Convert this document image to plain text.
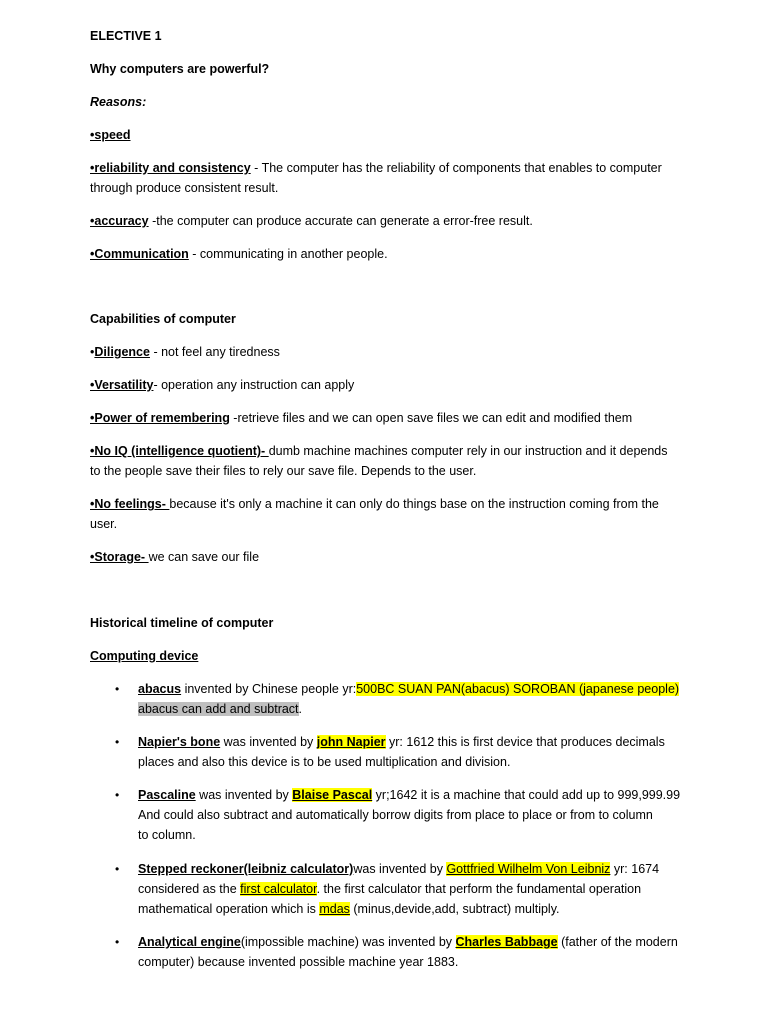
ELECTIVE 1

Why computers are powerful?

Reasons:

•speed

•reliability and consistency - The computer has the reliability of components that enables to computer
through produce consistent result.

•accuracy -the computer can produce accurate can generate a error-free result.

•Communication - communicating in another people.

Capabilities of computer

•Diligence - not feel any tiredness

•Versatility- operation any instruction can apply

•Power of remembering -retrieve files and we can open save files we can edit and modified them

•No IQ (intelligence quotient)- dumb machine machines computer rely in our instruction and it depends
to the people save their files to rely our save file. Depends to the user.

•No feelings- because it's only a machine it can only do things base on the instruction coming from the
user.

•Storage- we can save our file

Historical timeline of computer

Computing device

• abacus invented by Chinese people yr:500BC SUAN PAN(abacus) SOROBAN (japanese people)
abacus can add and subtract.

• Napier's bone was invented by john Napier yr: 1612 this is first device that produces decimals
places and also this device is to be used multiplication and division.

• Pascaline was invented by Blaise Pascal yr;1642 it is a machine that could add up to 999,999.99
And could also subtract and automatically borrow digits from place to place or from to column
to column.

• Stepped reckoner(leibniz calculator)was invented by Gottfried Wilhelm Von Leibniz yr: 1674
considered as the first calculator. the first calculator that perform the fundamental operation
mathematical operation which is mdas (minus,devide,add, subtract) multiply.

• Analytical engine(impossible machine) was invented by Charles Babbage (father of the modern
computer) because invented possible machine year 1883.
